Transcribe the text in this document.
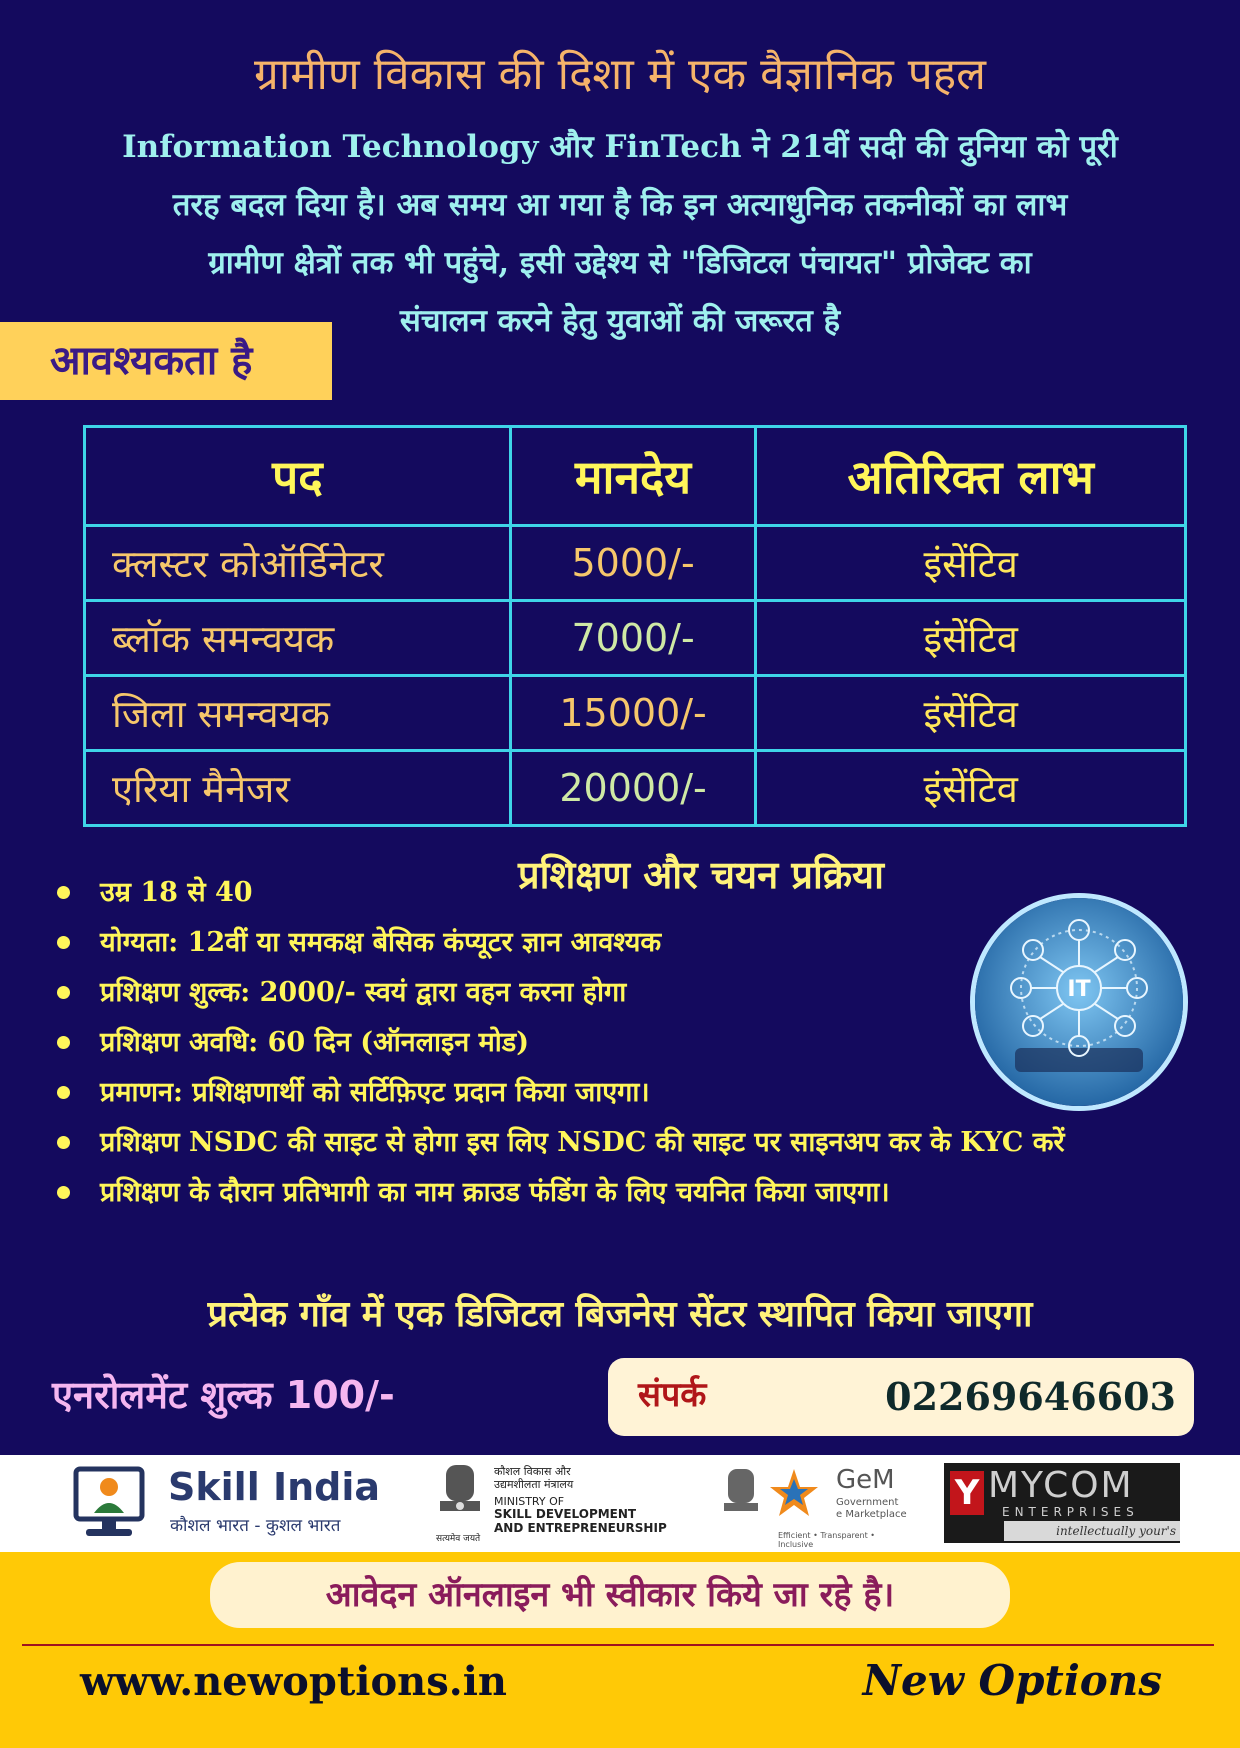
ग्रामीण विकास की दिशा में एक वैज्ञानिक पहल
Information Technology और FinTech ने 21वीं सदी की दुनिया को पूरी
तरह बदल दिया है। अब समय आ गया है कि इन अत्याधुनिक तकनीकों का लाभ
ग्रामीण क्षेत्रों तक भी पहुंचे, इसी उद्देश्य से "डिजिटल पंचायत" प्रोजेक्ट का
संचालन करने हेतु युवाओं की जरूरत है
आवश्यकता है
पद	मानदेय	अतिरिक्त लाभ
क्लस्टर कोऑर्डिनेटर	5000/-	इंसेंटिव
ब्लॉक समन्वयक	7000/-	इंसेंटिव
जिला समन्वयक	15000/-	इंसेंटिव
एरिया मैनेजर	20000/-	इंसेंटिव
प्रशिक्षण और चयन प्रक्रिया
उम्र 18 से 40
योग्यता: 12वीं या समकक्ष बेसिक कंप्यूटर ज्ञान आवश्यक
प्रशिक्षण शुल्क: 2000/- स्वयं द्वारा वहन करना होगा
प्रशिक्षण अवधि: 60 दिन (ऑनलाइन मोड)
प्रमाणन: प्रशिक्षणार्थी को सर्टिफ़िएट प्रदान किया जाएगा।
प्रशिक्षण NSDC की साइट से होगा इस लिए NSDC की साइट पर साइनअप कर के KYC करें
प्रशिक्षण के दौरान प्रतिभागी का नाम क्राउड फंडिंग के लिए चयनित किया जाएगा।
IT
प्रत्येक गाँव में एक डिजिटल बिजनेस सेंटर स्थापित किया जाएगा
एनरोलमेंट शुल्क 100/-	संपर्क	02269646603
Skill India
कौशल भारत - कुशल भारत
सत्यमेव जयते
कौशल विकास और
उद्यमशीलता मंत्रालय
MINISTRY OF
SKILL DEVELOPMENT
AND ENTREPRENEURSHIP
GeM
Government
e Marketplace
Efficient • Transparent • Inclusive
Y MYCOM
ENTERPRISES
intellectually your's
आवेदन ऑनलाइन भी स्वीकार किये जा रहे है।
www.newoptions.in	New Options
